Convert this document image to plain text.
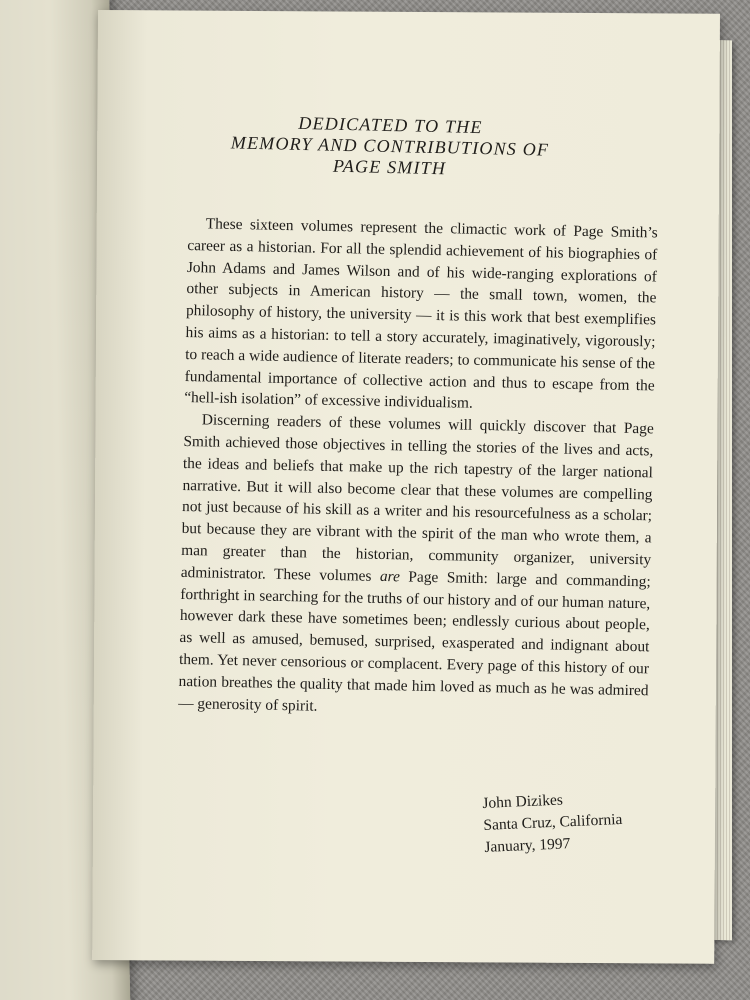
DEDICATED TO THE
MEMORY AND CONTRIBUTIONS OF
PAGE SMITH

These sixteen volumes represent the climactic work of Page Smith’s career as a historian. For all the splendid achievement of his biographies of John Adams and James Wilson and of his wide-ranging explorations of other subjects in American history — the small town, women, the philosophy of history, the university — it is this work that best exemplifies his aims as a historian: to tell a story accurately, imaginatively, vigorously; to reach a wide audience of literate readers; to communicate his sense of the fundamental importance of collective action and thus to escape from the “hell-ish isolation” of excessive individualism.

Discerning readers of these volumes will quickly discover that Page Smith achieved those objectives in telling the stories of the lives and acts, the ideas and beliefs that make up the rich tapestry of the larger national narrative. But it will also become clear that these volumes are compelling not just because of his skill as a writer and his resourcefulness as a scholar; but because they are vibrant with the spirit of the man who wrote them, a man greater than the historian, community organizer, university administrator. These volumes are Page Smith: large and commanding; forthright in searching for the truths of our history and of our human nature, however dark these have sometimes been; endlessly curious about people, as well as amused, bemused, surprised, exasperated and indignant about them. Yet never censorious or complacent. Every page of this history of our nation breathes the quality that made him loved as much as he was admired — generosity of spirit.

John Dizikes
Santa Cruz, California
January, 1997
